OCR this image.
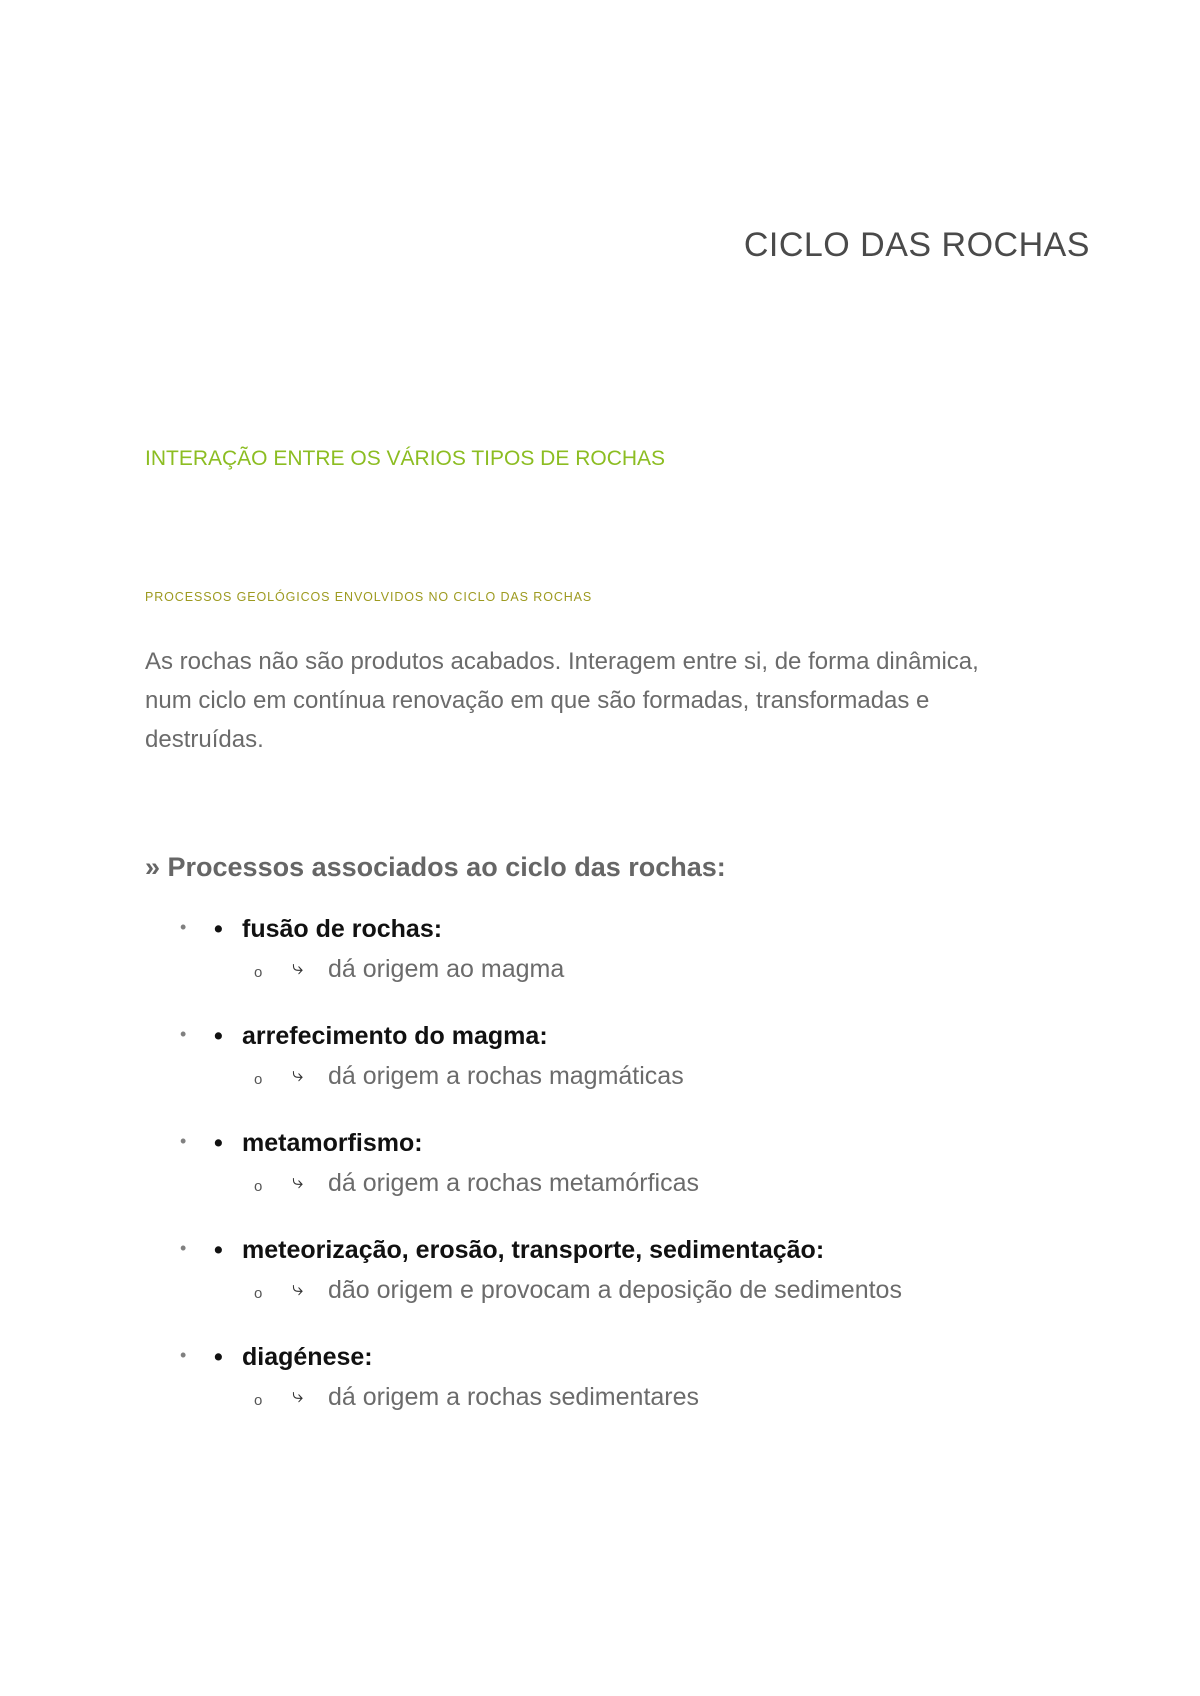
CICLO DAS ROCHAS
INTERAÇÃO ENTRE OS VÁRIOS TIPOS DE ROCHAS
PROCESSOS GEOLÓGICOS ENVOLVIDOS NO CICLO DAS ROCHAS

As rochas não são produtos acabados. Interagem entre si, de forma dinâmica, num ciclo em contínua renovação em que são formadas, transformadas e destruídas.

» Processos associados ao ciclo das rochas:

• • fusão de rochas:
o ⤷ dá origem ao magma
• • arrefecimento do magma:
o ⤷ dá origem a rochas magmáticas
• • metamorfismo:
o ⤷ dá origem a rochas metamórficas
• • meteorização, erosão, transporte, sedimentação:
o ⤷ dão origem e provocam a deposição de sedimentos
• • diagénese:
o ⤷ dá origem a rochas sedimentares
